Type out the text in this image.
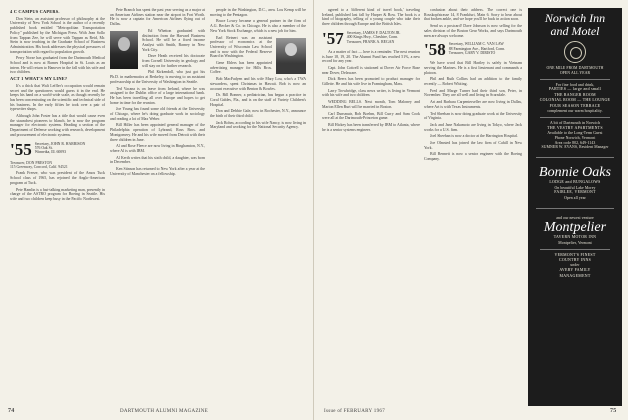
4 C CAMPUS CAPERS.

Don Stein, an assistant professor of philosophy at the University of New York School is the author of a recently published book entitled "Metropolitan Transportation Policy" published by the Michigan Press. With Jean Sollo from Tappan Zee, he will serve with Tappan as Reid, Mr. Stein is now teaching in the Graduate School of Business Administration. His book addresses the physical pressures of transportation with regard to population growth.

Perry Norse has graduated from the Dartmouth Medical School and is now at Barnes Hospital in St. Louis as an intern. He will return to Hanover in the fall with his wife and two children.

ACT 1 WHAT'S MY LINE?

It's a thick that Walt Leffler's occupation would remain secret and the questioners would guess it in the end. He keeps his hand on a world-wide scale, as though recently he has been concentrating on the scientific and technical side of his business. In the early fifties he took over a pair of typewriter shops.

Although John Foster has a title that would cause even the staunchest pioneers to blanch, he is now the program manager for electronic systems. Heading a section of the Department of Defense working with research, development and procurement of electronic systems.

'55 Secretary, JOHN R. HARRISON
576 Oak St.
Winnetka, Ill. 60093
Treasurer, DON PRESTON
115 Greenway, Concord, Calif. 94521

Frank Freeze, who was president of the Amos Tuck School class of 1965, has rejoined the Anglo-American program at Tuck.

Pete Hamlin is a fast-talking marketing man, presently in charge of the ASTRO program for Boeing in Seattle. His wife and two children keep busy in the Pacific Northwest.

Pete Branch has spent the past year serving as a major at an American Airlines station near the airport in Fort Worth. He is now a captain for American Airlines flying out of Dallas.

Ed Whetton graduated with distinction from the Harvard Business School. He will be a fixed income Analyst with Smith, Barney in New York City.

Dave Heath received his doctorate from Cornell University in geology and will stay on for further research.

Phil Kirkendoll, who just got his Ph.D. in mathematics at Berkeley, is moving to an assistant professorship at the University of Washington in Seattle.

Ted Vacana is on leave from Ireland, where he was assigned to the Dublin office of a large international bank. He has been travelling all over Europe and hopes to get home in time for the reunion.

Joe Young has found some old friends at the University of Chicago, where he's doing graduate work in sociology and reading a lot of Max Weber.

Bill Hiller has been appointed general manager of the Philadelphia operation of Lybrand, Ross Bros. and Montgomery. He and his wife moved from Detroit with their three children in June.

Al and Rose Fleece are now living in Binghamton, N.Y., where Al is with IBM.

Al Kerth writes that his sixth child, a daughter, was born in December.

Ken Stinson has returned to New York after a year at the University of Manchester on a fellowship.

people in the Washington, D.C., area. Lou Kemp will be moving to the Pentagon.

Bruce Lowry became a general partner in the firm of A.G. Becker & Co. in Chicago. He is also a member of the New York Stock Exchange, which is a new job for him.

Earl Reinert was an assistant professor of economics at the University of Wisconsin Law School and is now with the Federal Reserve Board in Washington.

Gene Ehlers has been appointed advertising manager for Hills Bros. Coffee.

Bob MacFadyen and his wife Mary Lou, who's a TWA stewardess, spent Christmas in Hawaii. Bob is now an account executive with Benton & Bowles.

Dr. Bill Bonner, a pediatrician, has begun a practice in Coral Gables, Fla., and is on the staff of Variety Children's Hospital.

Don and Debbie Gale, now in Rochester, N.Y., announce the birth of their third child.

Jack Rohm, according to his wife Nancy, is now living in Maryland and working for the National Security Agency.

74	DARTMOUTH ALUMNI MAGAZINE

agreed to a 'different kind of travel book,' traveling Ireland, published last fall by Harper & Row. The book is a kind of biography, telling of a young couple who take their three children through Europe and the British Isles.

'57 Secretary, JAMES F. DALTON JR.
400 Kings Hwy., Cheshire, Conn.
Treasurer, FRANK A. REGAN

As a matter of fact — here is a reminder. The next reunion is June 18, 19, 20. The Alumni Fund has reached 51%, a new record for any year.

Capt. John Cottrell is stationed at Dover Air Force Base near Dover, Delaware.

Dick Beers has been promoted to product manager for Gillette. He and his wife live in Framingham, Mass.

Larry Trowbridge, class news writer, is living in Vermont with his wife and two children.

WEDDING BELLS. Next month, Tom Maloney and Marion Ellen Burt will be married in Boston.

Carl Dunsmuir, Bob Boehm, Bill Curry and Sam Cook were all at the Dartmouth-Princeton game.

Bill Hickey has been transferred by IBM to Atlanta, where he is a senior systems engineer.

confusion about their address. The correct one is Rosskopfstrasse 14, 8 Frankfurt, Main 6. Sorry to hear about that broken ankle, and we hope you'll be back in action soon.

Send us a postcard! Dave Johnson is now selling for the sales division of the Boston Gear Works, and says Dartmouth men are always welcome.

'58 Secretary, WILLIAM C. VAN LAW
88 Farmington Ave., Hartford, Conn.
Treasurer, GARY V. DIRISTO

We have word that Bill Hartley is safely in Vietnam serving the Marines. He is a first lieutenant and commands a platoon.

Phil and Ruth Collins had an addition to the family recently — Robert Whiting.

Fred and Marge Turner had their third son, Peter, in November. They are all well and living in Scarsdale.

Art and Barbara Carpenterseller are now living in Dallas, where Art is with Texas Instruments.

Ted Sheehan is now doing graduate work at the University of Virginia.

Jack and Jane Nakamoto are living in Tokyo, where Jack works for a U.S. firm.

Joel Sheehan is now a doctor at the Harrington Hospital.

Joe Olmsted has joined the law firm of Cahill in New York.

Bill Bennett is now a senior engineer with the Boeing Company.

Issue of FEBRUARY 1967	75
Norwich Inn
and Motel
ONE MILE FROM DARTMOUTH
OPEN ALL YEAR
For fine food and drink,
PARTIES — large and small
THE RANGER ROOM
COLONIAL ROOM — THE LOUNGE
FOUR SEASON TERRACE
complement our warm hospitality.
A bit of Dartmouth in Norwich
THE VESTRY APARTMENTS
Available to the Long-Term Guest
Phone Norwich, Vermont
Area code 802, 649-1143
SUMNER W. EVANS, Resident Manager
Bonnie Oaks
LODGE and BUNGALOWS
On beautiful Lake Morey
FAIRLEE, VERMONT
Open all year
and our newest venture
Montpelier
TAVERN MOTOR INN
Montpelier, Vermont
VERMONT'S FINEST
COUNTRY INNS
under
AVERY FAMILY
MANAGEMENT
